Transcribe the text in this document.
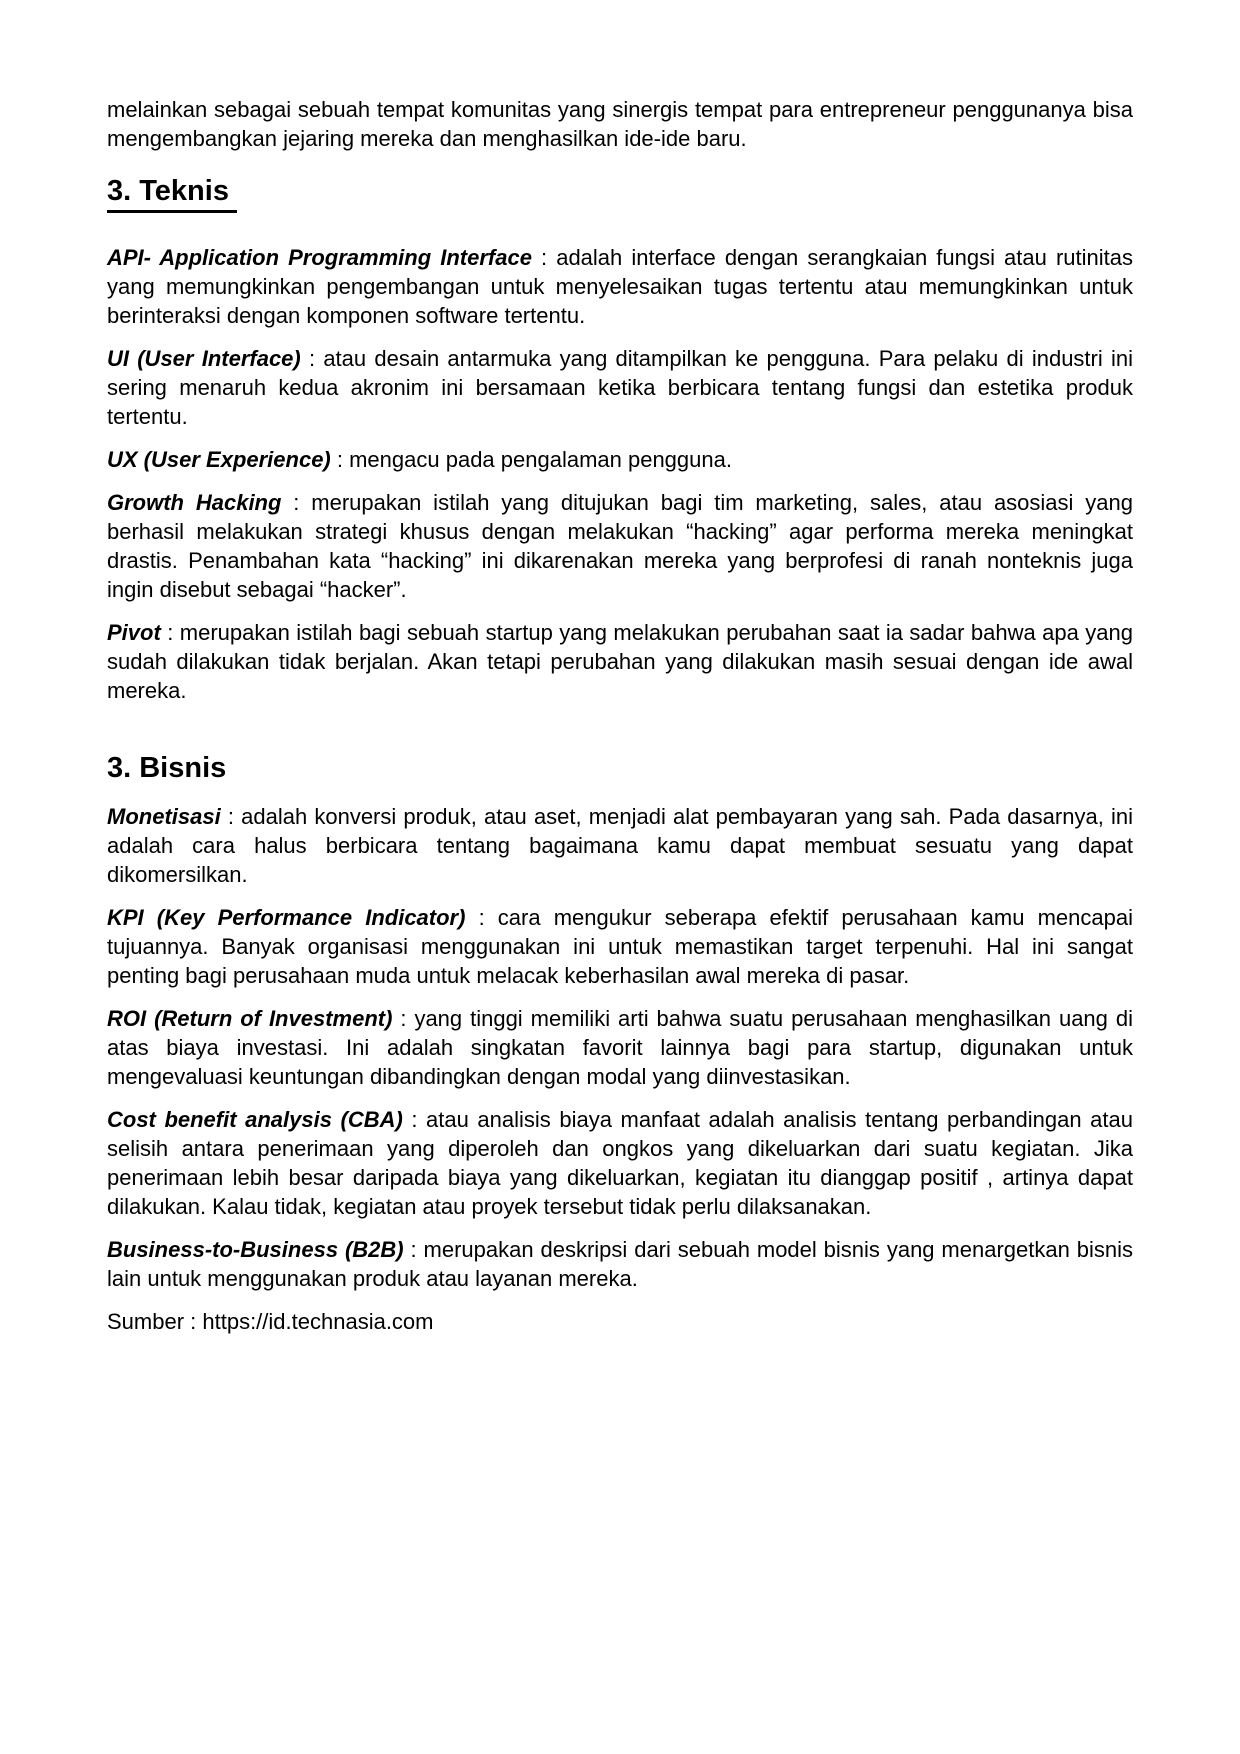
melainkan sebagai sebuah tempat komunitas yang sinergis tempat para entrepreneur penggunanya bisa mengembangkan jejaring mereka dan menghasilkan ide-ide baru.

3. Teknis

API- Application Programming Interface : adalah interface dengan serangkaian fungsi atau rutinitas yang memungkinkan pengembangan untuk menyelesaikan tugas tertentu atau memungkinkan untuk berinteraksi dengan komponen software tertentu.

UI (User Interface) : atau desain antarmuka yang ditampilkan ke pengguna. Para pelaku di industri ini sering menaruh kedua akronim ini bersamaan ketika berbicara tentang fungsi dan estetika produk tertentu.

UX (User Experience) : mengacu pada pengalaman pengguna.

Growth Hacking : merupakan istilah yang ditujukan bagi tim marketing, sales, atau asosiasi yang berhasil melakukan strategi khusus dengan melakukan “hacking” agar performa mereka meningkat drastis. Penambahan kata “hacking” ini dikarenakan mereka yang berprofesi di ranah nonteknis juga ingin disebut sebagai “hacker”.

Pivot : merupakan istilah bagi sebuah startup yang melakukan perubahan saat ia sadar bahwa apa yang sudah dilakukan tidak berjalan. Akan tetapi perubahan yang dilakukan masih sesuai dengan ide awal mereka.

3. Bisnis

Monetisasi : adalah konversi produk, atau aset, menjadi alat pembayaran yang sah. Pada dasarnya, ini adalah cara halus berbicara tentang bagaimana kamu dapat membuat sesuatu yang dapat dikomersilkan.

KPI (Key Performance Indicator) : cara mengukur seberapa efektif perusahaan kamu mencapai tujuannya. Banyak organisasi menggunakan ini untuk memastikan target terpenuhi. Hal ini sangat penting bagi perusahaan muda untuk melacak keberhasilan awal mereka di pasar.

ROI (Return of Investment) : yang tinggi memiliki arti bahwa suatu perusahaan menghasilkan uang di atas biaya investasi. Ini adalah singkatan favorit lainnya bagi para startup, digunakan untuk mengevaluasi keuntungan dibandingkan dengan modal yang diinvestasikan.

Cost benefit analysis (CBA) : atau analisis biaya manfaat adalah analisis tentang perbandingan atau selisih antara penerimaan yang diperoleh dan ongkos yang dikeluarkan dari suatu kegiatan. Jika penerimaan lebih besar daripada biaya yang dikeluarkan, kegiatan itu dianggap positif , artinya dapat dilakukan. Kalau tidak, kegiatan atau proyek tersebut tidak perlu dilaksanakan.

Business-to-Business (B2B) : merupakan deskripsi dari sebuah model bisnis yang menargetkan bisnis lain untuk menggunakan produk atau layanan mereka.

Sumber : https://id.technasia.com
